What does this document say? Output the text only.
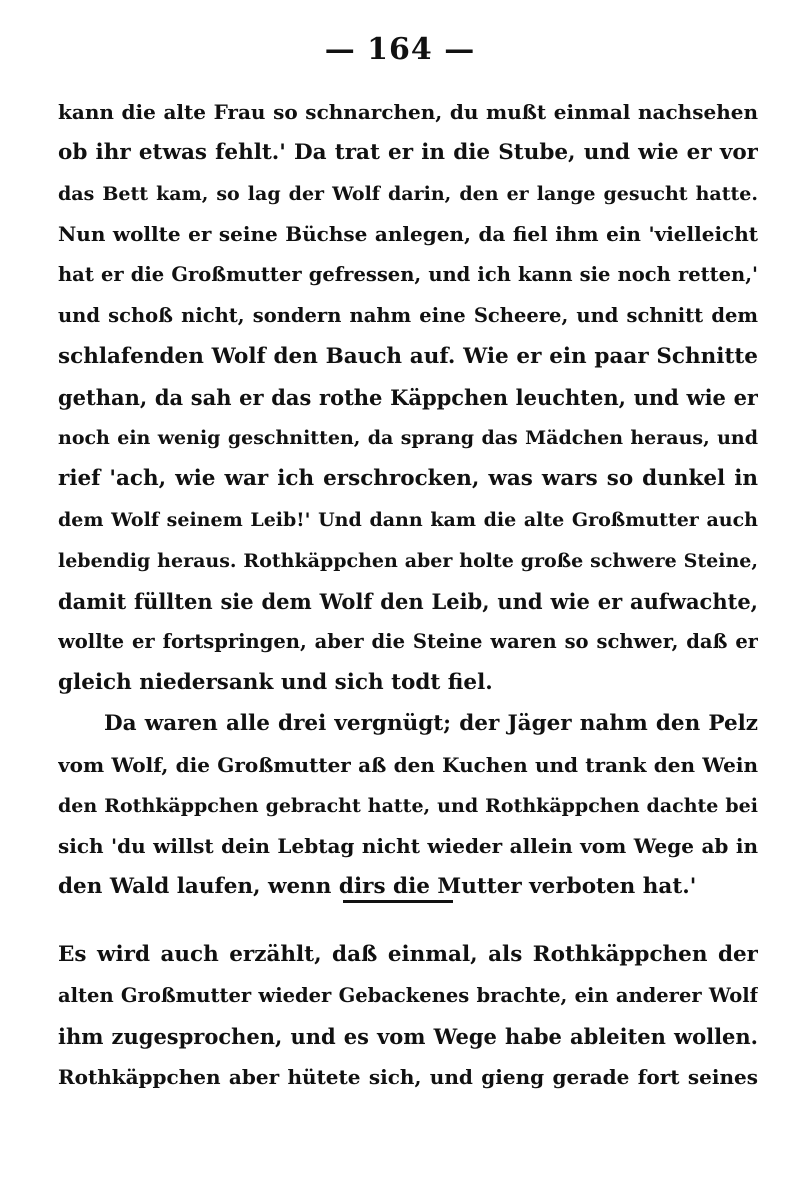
— 164 —
kann die alte Frau so schnarchen, du mußt einmal nachsehen
ob ihr etwas fehlt.' Da trat er in die Stube, und wie er vor
das Bett kam, so lag der Wolf darin, den er lange gesucht hatte.
Nun wollte er seine Büchse anlegen, da fiel ihm ein 'vielleicht
hat er die Großmutter gefressen, und ich kann sie noch retten,'
und schoß nicht, sondern nahm eine Scheere, und schnitt dem
schlafenden Wolf den Bauch auf. Wie er ein paar Schnitte
gethan, da sah er das rothe Käppchen leuchten, und wie er
noch ein wenig geschnitten, da sprang das Mädchen heraus, und
rief 'ach, wie war ich erschrocken, was wars so dunkel in
dem Wolf seinem Leib!' Und dann kam die alte Großmutter auch
lebendig heraus. Rothkäppchen aber holte große schwere Steine,
damit füllten sie dem Wolf den Leib, und wie er aufwachte,
wollte er fortspringen, aber die Steine waren so schwer, daß er
gleich niedersank und sich todt fiel.
Da waren alle drei vergnügt; der Jäger nahm den Pelz
vom Wolf, die Großmutter aß den Kuchen und trank den Wein
den Rothkäppchen gebracht hatte, und Rothkäppchen dachte bei
sich 'du willst dein Lebtag nicht wieder allein vom Wege ab in
den Wald laufen, wenn dirs die Mutter verboten hat.'
Es wird auch erzählt, daß einmal, als Rothkäppchen der
alten Großmutter wieder Gebackenes brachte, ein anderer Wolf
ihm zugesprochen, und es vom Wege habe ableiten wollen.
Rothkäppchen aber hütete sich, und gieng gerade fort seines
